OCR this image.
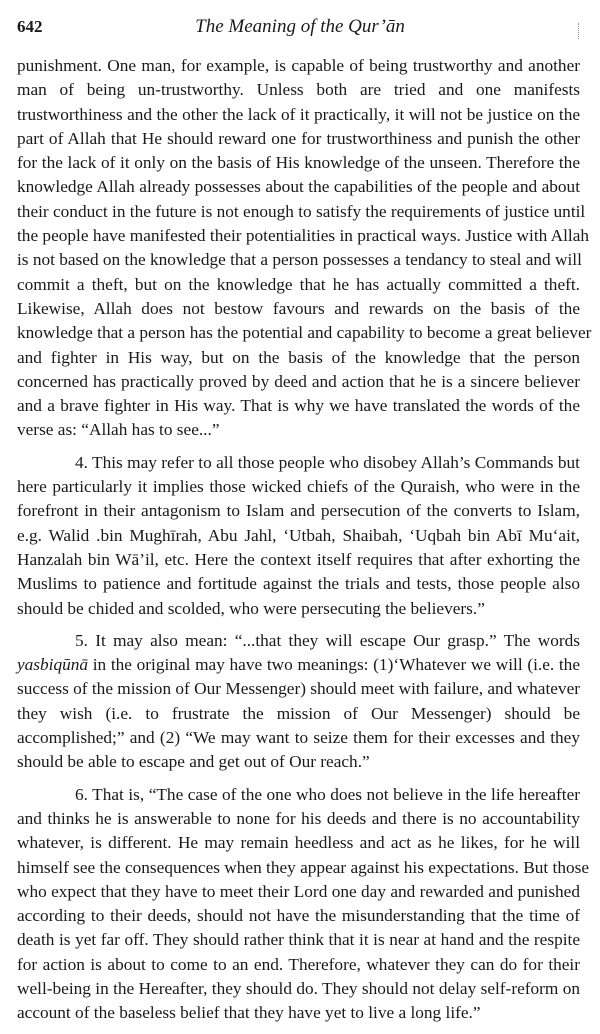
642	The Meaning of the Qur’ān
punishment. One man, for example, is capable of being trustworthy and another
man of being un-trustworthy. Unless both are tried and one manifests
trustworthiness and the other the lack of it practically, it will not be justice on the
part of Allah that He should reward one for trustworthiness and punish the other
for the lack of it only on the basis of His knowledge of the unseen. Therefore the
knowledge Allah already possesses about the capabilities of the people and about
their conduct in the future is not enough to satisfy the requirements of justice until
the people have manifested their potentialities in practical ways. Justice with Allah
is not based on the knowledge that a person possesses a tendancy to steal and will
commit a theft, but on the knowledge that he has actually committed a theft.
Likewise, Allah does not bestow favours and rewards on the basis of the
knowledge that a person has the potential and capability to become a great believer
and fighter in His way, but on the basis of the knowledge that the person
concerned has practically proved by deed and action that he is a sincere believer
and a brave fighter in His way. That is why we have translated the words of the
verse as: “Allah has to see...”
4. This may refer to all those people who disobey Allah’s Commands but
here particularly it implies those wicked chiefs of the Quraish, who were in the
forefront in their antagonism to Islam and persecution of the converts to Islam,
e.g. Walid .bin Mughīrah, Abu Jahl, ‘Utbah, Shaibah, ‘Uqbah bin Abī Mu‘ait,
Hanzalah bin Wā’il, etc. Here the context itself requires that after exhorting the
Muslims to patience and fortitude against the trials and tests, those people also
should be chided and scolded, who were persecuting the believers.”
5. It may also mean: “...that they will escape Our grasp.” The words
yasbiqūnā in the original may have two meanings: (1)‘Whatever we will (i.e. the
success of the mission of Our Messenger) should meet with failure, and whatever
they wish (i.e. to frustrate the mission of Our Messenger) should be
accomplished;” and (2) “We may want to seize them for their excesses and they
should be able to escape and get out of Our reach.”
6. That is, “The case of the one who does not believe in the life hereafter
and thinks he is answerable to none for his deeds and there is no accountability
whatever, is different. He may remain heedless and act as he likes, for he will
himself see the consequences when they appear against his expectations. But those
who expect that they have to meet their Lord one day and rewarded and punished
according to their deeds, should not have the misunderstanding that the time of
death is yet far off. They should rather think that it is near at hand and the respite
for action is about to come to an end. Therefore, whatever they can do for their
well-being in the Hereafter, they should do. They should not delay self-reform on
account of the baseless belief that they have yet to live a long life.”
